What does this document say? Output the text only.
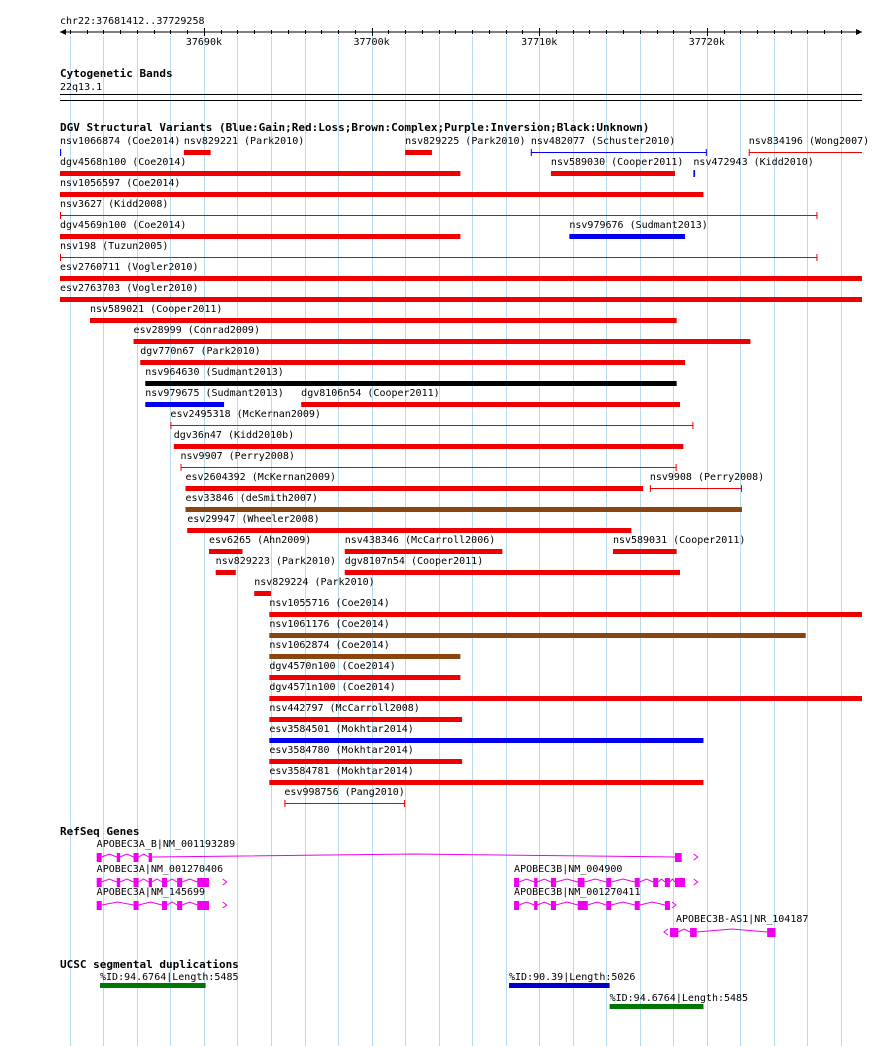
chr22:37681412..37729258
37690k	37700k	37710k	37720k
Cytogenetic Bands
22q13.1
DGV Structural Variants (Blue:Gain;Red:Loss;Brown:Complex;Purple:Inversion;Black:Unknown)
nsv1066874 (Coe2014) nsv829221 (Park2010)	nsv829225 (Park2010) nsv482077 (Schuster2010)	nsv834196 (Wong2007)
dgv4568n100 (Coe2014)	nsv589030 (Cooper2011) nsv472943 (Kidd2010)
nsv1056597 (Coe2014)
nsv3627 (Kidd2008)
dgv4569n100 (Coe2014)	nsv979676 (Sudmant2013)
nsv198 (Tuzun2005)
esv2760711 (Vogler2010)
esv2763703 (Vogler2010)
nsv589021 (Cooper2011)
esv28999 (Conrad2009)
dgv770n67 (Park2010)
nsv964630 (Sudmant2013)
nsv979675 (Sudmant2013) dgv8106n54 (Cooper2011)
esv2495318 (McKernan2009)
dgv36n47 (Kidd2010b)
nsv9907 (Perry2008)
esv2604392 (McKernan2009)	nsv9908 (Perry2008)
esv33846 (deSmith2007)
esv29947 (Wheeler2008)
esv6265 (Ahn2009)	nsv438346 (McCarroll2006)	nsv589031 (Cooper2011)
nsv829223 (Park2010) dgv8107n54 (Cooper2011)
nsv829224 (Park2010)
nsv1055716 (Coe2014)
nsv1061176 (Coe2014)
nsv1062874 (Coe2014)
dgv4570n100 (Coe2014)
dgv4571n100 (Coe2014)
nsv442797 (McCarroll2008)
esv3584501 (Mokhtar2014)
esv3584780 (Mokhtar2014)
esv3584781 (Mokhtar2014)
esv998756 (Pang2010)
RefSeq Genes
APOBEC3A_B|NM_001193289
APOBEC3A|NM_001270406
APOBEC3A|NM_145699
APOBEC3B|NM_004900
APOBEC3B|NM_001270411
APOBEC3B-AS1|NR_104187
UCSC segmental duplications
%ID:94.6764|Length:5485	%ID:90.39|Length:5026
%ID:94.6764|Length:5485
